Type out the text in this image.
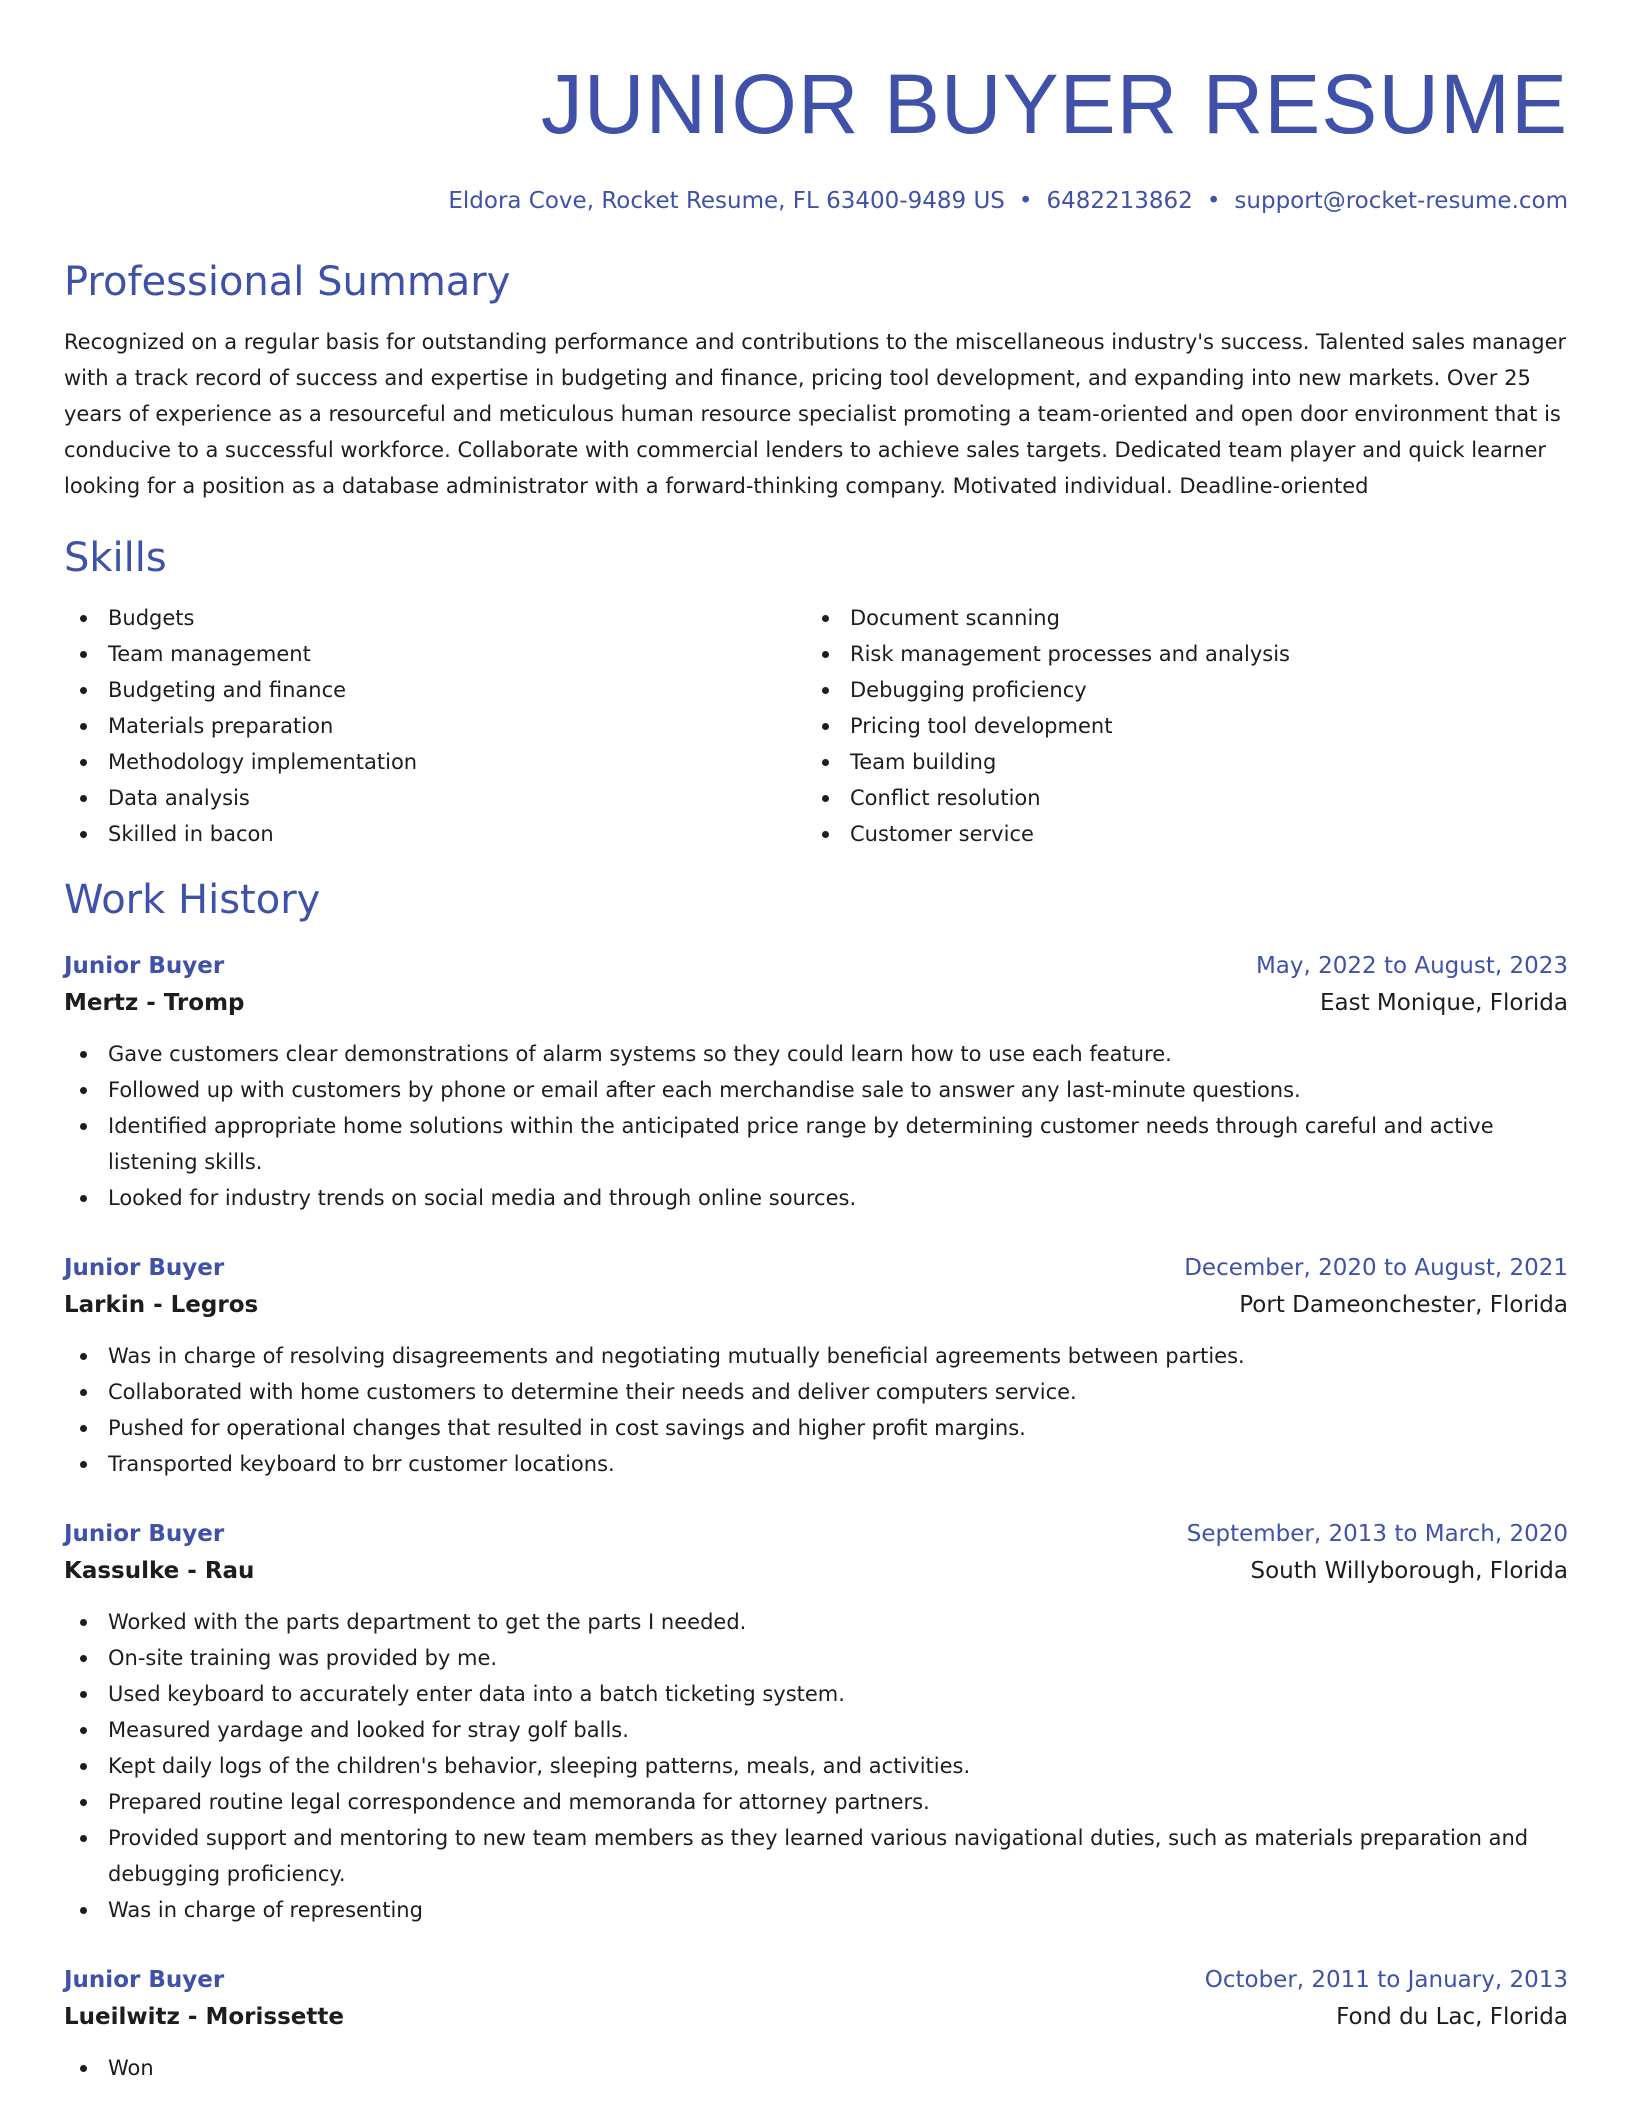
JUNIOR BUYER RESUME
Eldora Cove, Rocket Resume, FL 63400-9489 US • 6482213862 • support@rocket-resume.com
Professional Summary

Recognized on a regular basis for outstanding performance and contributions to the miscellaneous industry's success. Talented sales manager with a track record of success and expertise in budgeting and finance, pricing tool development, and expanding into new markets. Over 25 years of experience as a resourceful and meticulous human resource specialist promoting a team-oriented and open door environment that is conducive to a successful workforce. Collaborate with commercial lenders to achieve sales targets. Dedicated team player and quick learner looking for a position as a database administrator with a forward-thinking company. Motivated individual. Deadline-oriented

Skills
Budgets
Team management
Budgeting and finance
Materials preparation
Methodology implementation
Data analysis
Skilled in bacon
Document scanning
Risk management processes and analysis
Debugging proficiency
Pricing tool development
Team building
Conflict resolution
Customer service
Work History
Junior Buyer	May, 2022 to August, 2023
Mertz - Tromp	East Monique, Florida
Gave customers clear demonstrations of alarm systems so they could learn how to use each feature.
Followed up with customers by phone or email after each merchandise sale to answer any last-minute questions.
Identified appropriate home solutions within the anticipated price range by determining customer needs through careful and active listening skills.
Looked for industry trends on social media and through online sources.
Junior Buyer	December, 2020 to August, 2021
Larkin - Legros	Port Dameonchester, Florida
Was in charge of resolving disagreements and negotiating mutually beneficial agreements between parties.
Collaborated with home customers to determine their needs and deliver computers service.
Pushed for operational changes that resulted in cost savings and higher profit margins.
Transported keyboard to brr customer locations.
Junior Buyer	September, 2013 to March, 2020
Kassulke - Rau	South Willyborough, Florida
Worked with the parts department to get the parts I needed.
On-site training was provided by me.
Used keyboard to accurately enter data into a batch ticketing system.
Measured yardage and looked for stray golf balls.
Kept daily logs of the children's behavior, sleeping patterns, meals, and activities.
Prepared routine legal correspondence and memoranda for attorney partners.
Provided support and mentoring to new team members as they learned various navigational duties, such as materials preparation and debugging proficiency.
Was in charge of representing
Junior Buyer	October, 2011 to January, 2013
Lueilwitz - Morissette	Fond du Lac, Florida
Won
